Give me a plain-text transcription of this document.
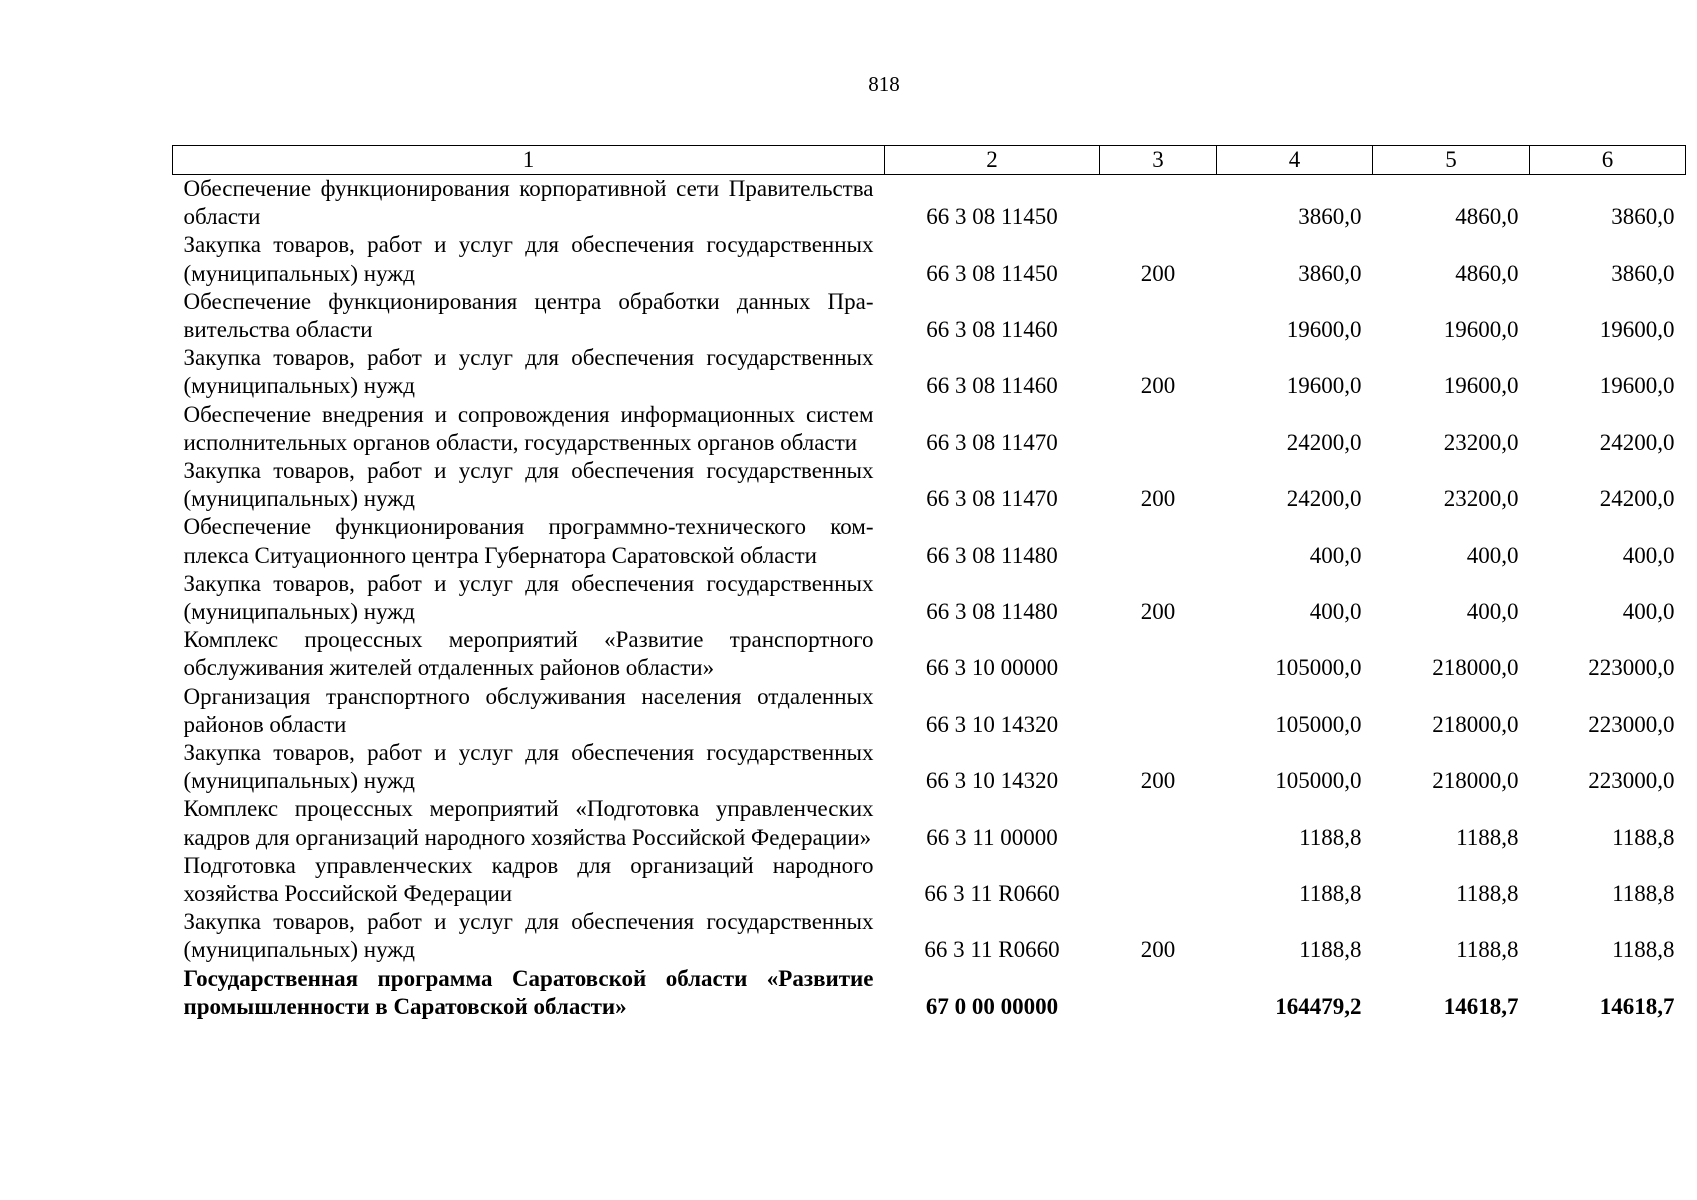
818
1	2	3	4	5	6
Обеспечение функционирования корпоративной сети Правительства области	66 3 08 11450		3860,0	4860,0	3860,0
Закупка товаров, работ и услуг для обеспечения государственных (муниципальных) нужд	66 3 08 11450	200	3860,0	4860,0	3860,0
Обеспечение функционирования центра обработки данных Правительства области	66 3 08 11460		19600,0	19600,0	19600,0
Закупка товаров, работ и услуг для обеспечения государственных (муниципальных) нужд	66 3 08 11460	200	19600,0	19600,0	19600,0
Обеспечение внедрения и сопровождения информационных систем исполнительных органов области, государственных органов области	66 3 08 11470		24200,0	23200,0	24200,0
Закупка товаров, работ и услуг для обеспечения государственных (муниципальных) нужд	66 3 08 11470	200	24200,0	23200,0	24200,0
Обеспечение функционирования программно-технического комплекса Ситуационного центра Губернатора Саратовской области	66 3 08 11480		400,0	400,0	400,0
Закупка товаров, работ и услуг для обеспечения государственных (муниципальных) нужд	66 3 08 11480	200	400,0	400,0	400,0
Комплекс процессных мероприятий «Развитие транспортного обслуживания жителей отдаленных районов области»	66 3 10 00000		105000,0	218000,0	223000,0
Организация транспортного обслуживания населения отдаленных районов области	66 3 10 14320		105000,0	218000,0	223000,0
Закупка товаров, работ и услуг для обеспечения государственных (муниципальных) нужд	66 3 10 14320	200	105000,0	218000,0	223000,0
Комплекс процессных мероприятий «Подготовка управленческих кадров для организаций народного хозяйства Российской Федерации»	66 3 11 00000		1188,8	1188,8	1188,8
Подготовка управленческих кадров для организаций народного хозяйства Российской Федерации	66 3 11 R0660		1188,8	1188,8	1188,8
Закупка товаров, работ и услуг для обеспечения государственных (муниципальных) нужд	66 3 11 R0660	200	1188,8	1188,8	1188,8
Государственная программа Саратовской области «Развитие промышленности в Саратовской области»	67 0 00 00000		164479,2	14618,7	14618,7
